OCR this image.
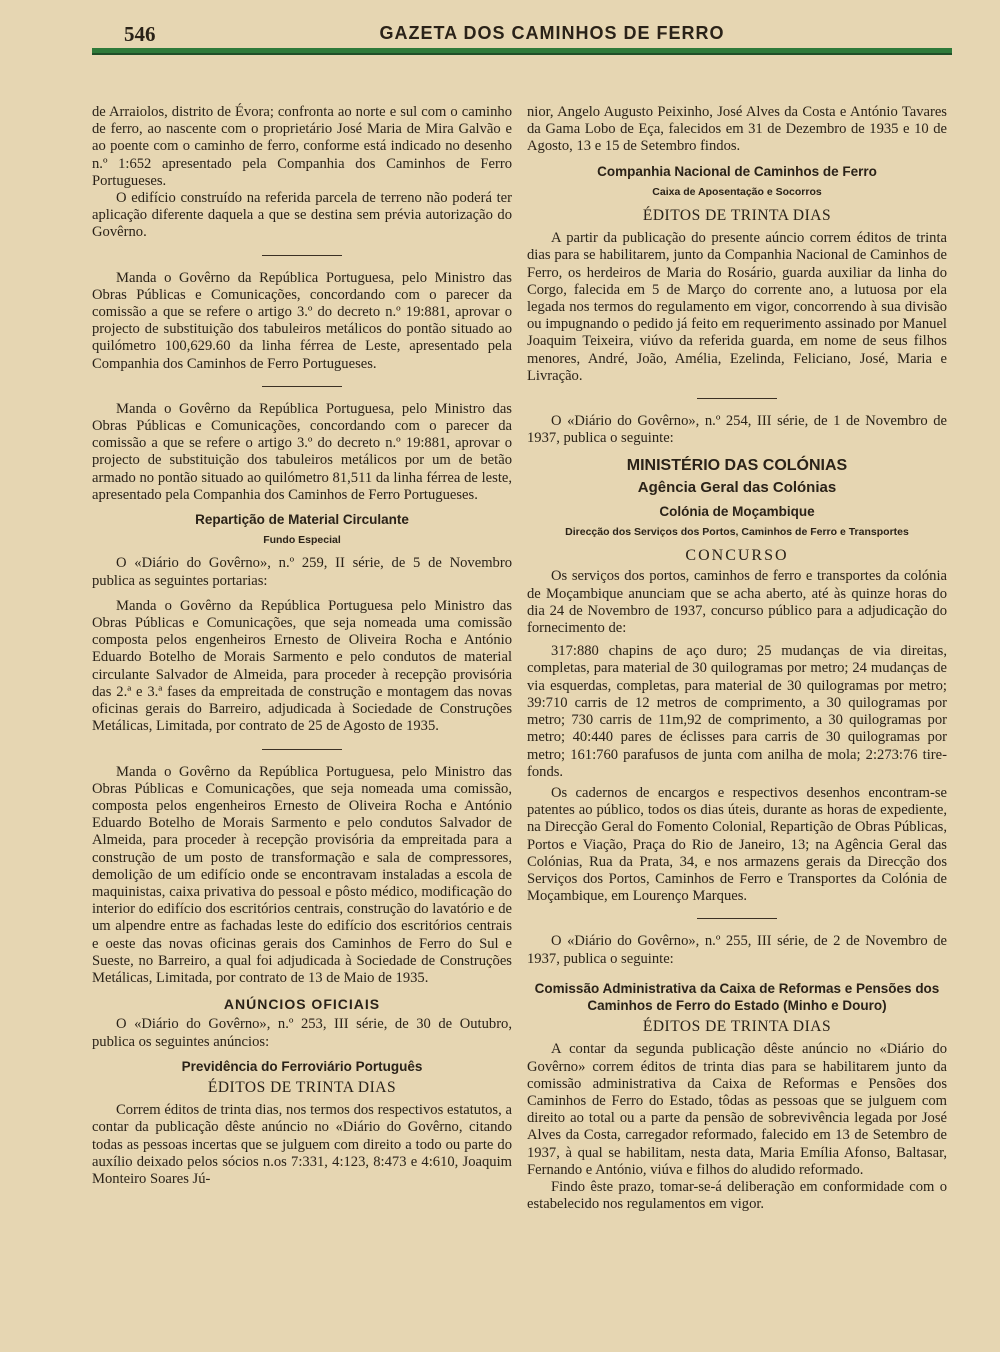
546	GAZETA DOS CAMINHOS DE FERRO

de Arraiolos, distrito de Évora; confronta ao norte e sul com o caminho de ferro, ao nascente com o proprietário José Maria de Mira Galvão e ao poente com o caminho de ferro, conforme está indicado no desenho n.º 1:652 apresentado pela Companhia dos Caminhos de Ferro Portugueses.

O edifício construído na referida parcela de terreno não poderá ter aplicação diferente daquela a que se destina sem prévia autorização do Govêrno.

Manda o Govêrno da República Portuguesa, pelo Ministro das Obras Públicas e Comunicações, concordando com o parecer da comissão a que se refere o artigo 3.º do decreto n.º 19:881, aprovar o projecto de substituição dos tabuleiros metálicos do pontão situado ao quilómetro 100,629.60 da linha férrea de Leste, apresentado pela Companhia dos Caminhos de Ferro Portugueses.

Manda o Govêrno da República Portuguesa, pelo Ministro das Obras Públicas e Comunicações, concordando com o parecer da comissão a que se refere o artigo 3.º do decreto n.º 19:881, aprovar o projecto de substituição dos tabuleiros metálicos por um de betão armado no pontão situado ao quilómetro 81,511 da linha férrea de leste, apresentado pela Companhia dos Caminhos de Ferro Portugueses.

Repartição de Material Circulante
Fundo Especial

O «Diário do Govêrno», n.º 259, II série, de 5 de Novembro publica as seguintes portarias:

Manda o Govêrno da República Portuguesa pelo Ministro das Obras Públicas e Comunicações, que seja nomeada uma comissão composta pelos engenheiros Ernesto de Oliveira Rocha e António Eduardo Botelho de Morais Sarmento e pelo condutos de material circulante Salvador de Almeida, para proceder à recepção provisória das 2.ª e 3.ª fases da empreitada de construção e montagem das novas oficinas gerais do Barreiro, adjudicada à Sociedade de Construções Metálicas, Limitada, por contrato de 25 de Agosto de 1935.

Manda o Govêrno da República Portuguesa, pelo Ministro das Obras Públicas e Comunicações, que seja nomeada uma comissão, composta pelos engenheiros Ernesto de Oliveira Rocha e António Eduardo Botelho de Morais Sarmento e pelo condutos Salvador de Almeida, para proceder à recepção provisória da empreitada para a construção de um posto de transformação e sala de compressores, demolição de um edifício onde se encontravam instaladas a escola de maquinistas, caixa privativa do pessoal e pôsto médico, modificação do interior do edifício dos escritórios centrais, construção do lavatório e de um alpendre entre as fachadas leste do edifício dos escritórios centrais e oeste das novas oficinas gerais dos Caminhos de Ferro do Sul e Sueste, no Barreiro, a qual foi adjudicada à Sociedade de Construções Metálicas, Limitada, por contrato de 13 de Maio de 1935.

ANÚNCIOS OFICIAIS

O «Diário do Govêrno», n.º 253, III série, de 30 de Outubro, publica os seguintes anúncios:

Previdência do Ferroviário Português
ÉDITOS DE TRINTA DIAS

Correm éditos de trinta dias, nos termos dos respectivos estatutos, a contar da publicação dêste anúncio no «Diário do Govêrno, citando todas as pessoas incertas que se julguem com direito a todo ou parte do auxílio deixado pelos sócios n.os 7:331, 4:123, 8:473 e 4:610, Joaquim Monteiro Soares Jú-

nior, Angelo Augusto Peixinho, José Alves da Costa e António Tavares da Gama Lobo de Eça, falecidos em 31 de Dezembro de 1935 e 10 de Agosto, 13 e 15 de Setembro findos.

Companhia Nacional de Caminhos de Ferro
Caixa de Aposentação e Socorros
ÉDITOS DE TRINTA DIAS

A partir da publicação do presente aúncio correm éditos de trinta dias para se habilitarem, junto da Companhia Nacional de Caminhos de Ferro, os herdeiros de Maria do Rosário, guarda auxiliar da linha do Corgo, falecida em 5 de Março do corrente ano, a lutuosa por ela legada nos termos do regulamento em vigor, concorrendo à sua divisão ou impugnando o pedido já feito em requerimento assinado por Manuel Joaquim Teixeira, viúvo da referida guarda, em nome de seus filhos menores, André, João, Amélia, Ezelinda, Feliciano, José, Maria e Livração.

O «Diário do Govêrno», n.º 254, III série, de 1 de Novembro de 1937, publica o seguinte:

MINISTÉRIO DAS COLÓNIAS
Agência Geral das Colónias
Colónia de Moçambique
Direcção dos Serviços dos Portos, Caminhos de Ferro e Transportes
CONCURSO

Os serviços dos portos, caminhos de ferro e transportes da colónia de Moçambique anunciam que se acha aberto, até às quinze horas do dia 24 de Novembro de 1937, concurso público para a adjudicação do fornecimento de:

317:880 chapins de aço duro; 25 mudanças de via direitas, completas, para material de 30 quilogramas por metro; 24 mudanças de via esquerdas, completas, para material de 30 quilogramas por metro; 39:710 carris de 12 metros de comprimento, a 30 quilogramas por metro; 730 carris de 11m,92 de comprimento, a 30 quilogramas por metro; 40:440 pares de éclisses para carris de 30 quilogramas por metro; 161:760 parafusos de junta com anilha de mola; 2:273:76 tire-fonds.

Os cadernos de encargos e respectivos desenhos encontram-se patentes ao público, todos os dias úteis, durante as horas de expediente, na Direcção Geral do Fomento Colonial, Repartição de Obras Públicas, Portos e Viação, Praça do Rio de Janeiro, 13; na Agência Geral das Colónias, Rua da Prata, 34, e nos armazens gerais da Direcção dos Serviços dos Portos, Caminhos de Ferro e Transportes da Colónia de Moçambique, em Lourenço Marques.

O «Diário do Govêrno», n.º 255, III série, de 2 de Novembro de 1937, publica o seguinte:

Comissão Administrativa da Caixa de Reformas e Pensões dos Caminhos de Ferro do Estado (Minho e Douro)
ÉDITOS DE TRINTA DIAS

A contar da segunda publicação dêste anúncio no «Diário do Govêrno» correm éditos de trinta dias para se habilitarem junto da comissão administrativa da Caixa de Reformas e Pensões dos Caminhos de Ferro do Estado, tôdas as pessoas que se julguem com direito ao total ou a parte da pensão de sobrevivência legada por José Alves da Costa, carregador reformado, falecido em 13 de Setembro de 1937, à qual se habilitam, nesta data, Maria Emília Afonso, Baltasar, Fernando e António, viúva e filhos do aludido reformado.

Findo êste prazo, tomar-se-á deliberação em conformidade com o estabelecido nos regulamentos em vigor.
